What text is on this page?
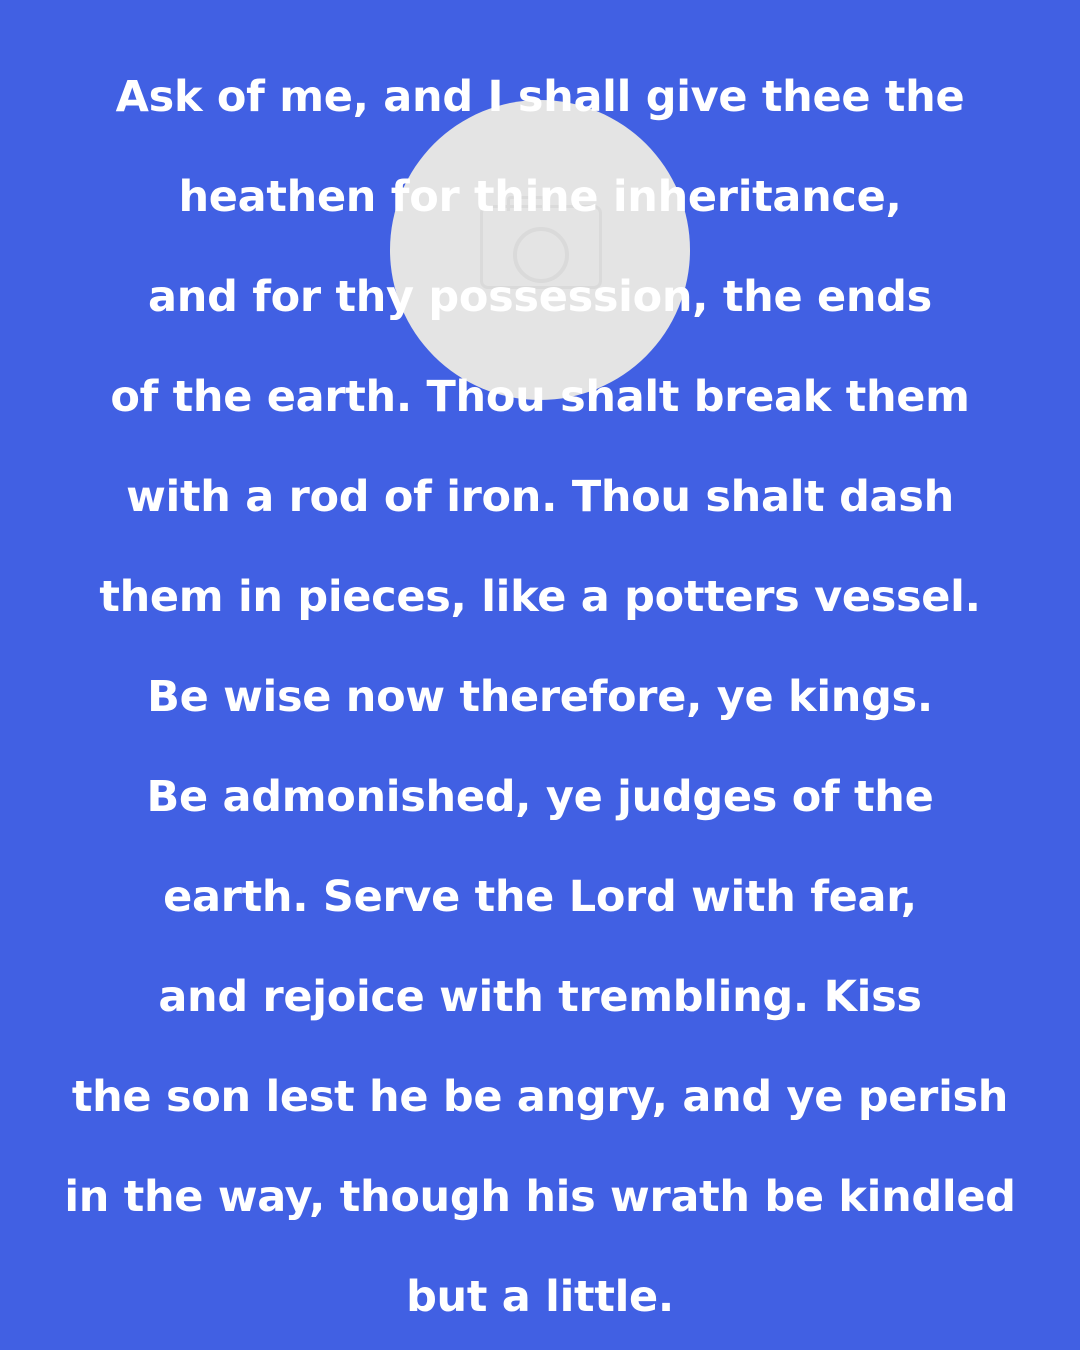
Ask of me, and I shall give thee the
heathen for thine inheritance,
and for thy possession, the ends
of the earth. Thou shalt break them
with a rod of iron. Thou shalt dash
them in pieces, like a potters vessel.
Be wise now therefore, ye kings.
Be admonished, ye judges of the
earth. Serve the Lord with fear,
and rejoice with trembling. Kiss
the son lest he be angry, and ye perish
in the way, though his wrath be kindled
but a little.
